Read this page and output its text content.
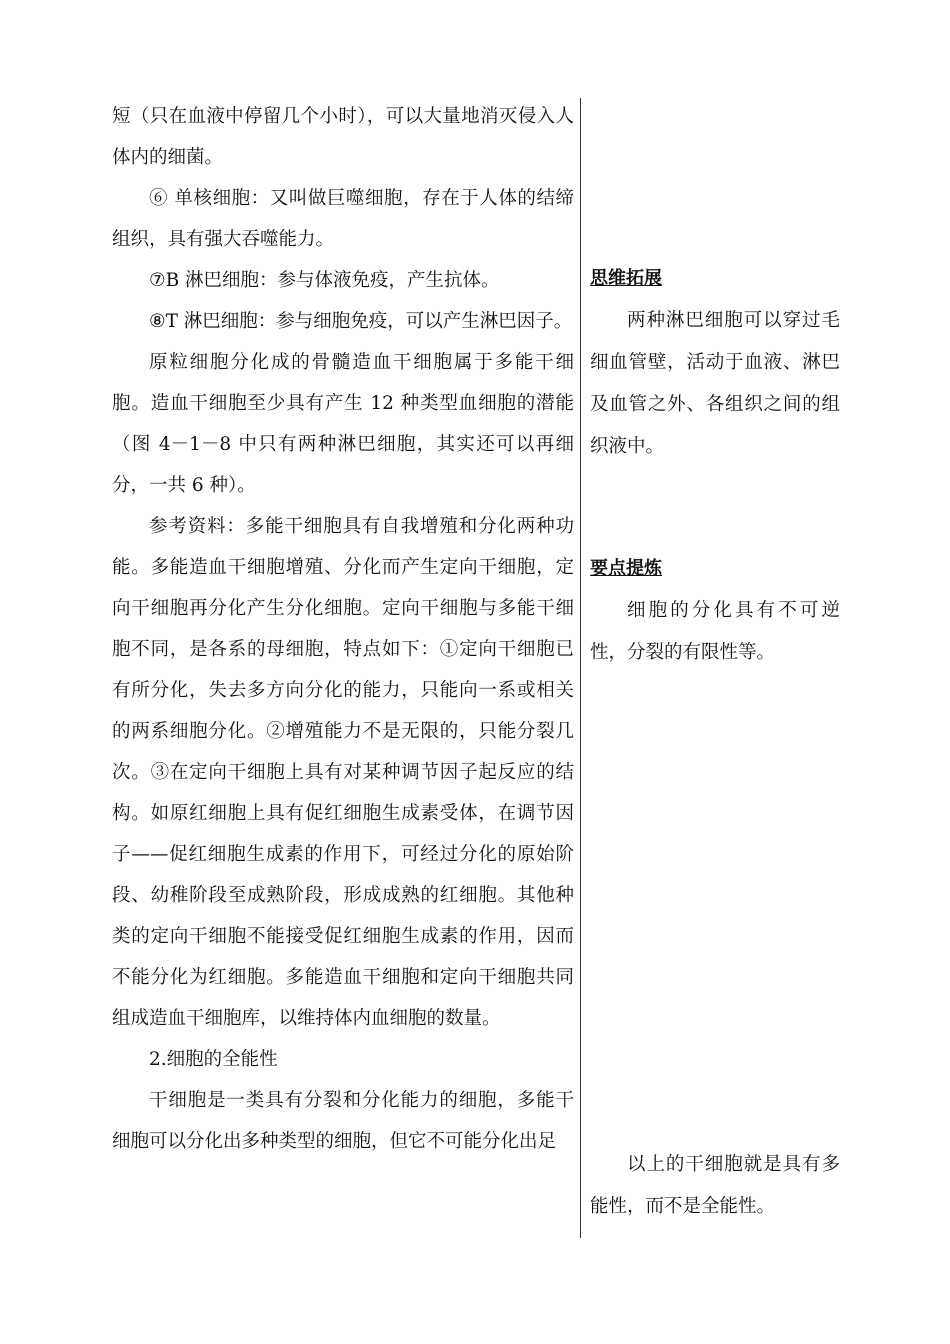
短（只在血液中停留几个小时），可以大量地消灭侵入人体内的细菌。

⑥ 单核细胞：又叫做巨噬细胞，存在于人体的结缔组织，具有强大吞噬能力。

⑦B 淋巴细胞：参与体液免疫，产生抗体。

⑧T 淋巴细胞：参与细胞免疫，可以产生淋巴因子。

原粒细胞分化成的骨髓造血干细胞属于多能干细胞。造血干细胞至少具有产生 12 种类型血细胞的潜能（图 4－1－8 中只有两种淋巴细胞，其实还可以再细分，一共 6 种）。

参考资料：多能干细胞具有自我增殖和分化两种功能。多能造血干细胞增殖、分化而产生定向干细胞，定向干细胞再分化产生分化细胞。定向干细胞与多能干细胞不同，是各系的母细胞，特点如下：①定向干细胞已有所分化，失去多方向分化的能力，只能向一系或相关的两系细胞分化。②增殖能力不是无限的，只能分裂几次。③在定向干细胞上具有对某种调节因子起反应的结构。如原红细胞上具有促红细胞生成素受体，在调节因子——促红细胞生成素的作用下，可经过分化的原始阶段、幼稚阶段至成熟阶段，形成成熟的红细胞。其他种类的定向干细胞不能接受促红细胞生成素的作用，因而不能分化为红细胞。多能造血干细胞和定向干细胞共同组成造血干细胞库，以维持体内血细胞的数量。

2.细胞的全能性

干细胞是一类具有分裂和分化能力的细胞，多能干细胞可以分化出多种类型的细胞，但它不可能分化出足

思维拓展

两种淋巴细胞可以穿过毛细血管壁，活动于血液、淋巴及血管之外、各组织之间的组织液中。

要点提炼

细胞的分化具有不可逆性，分裂的有限性等。

以上的干细胞就是具有多能性，而不是全能性。
